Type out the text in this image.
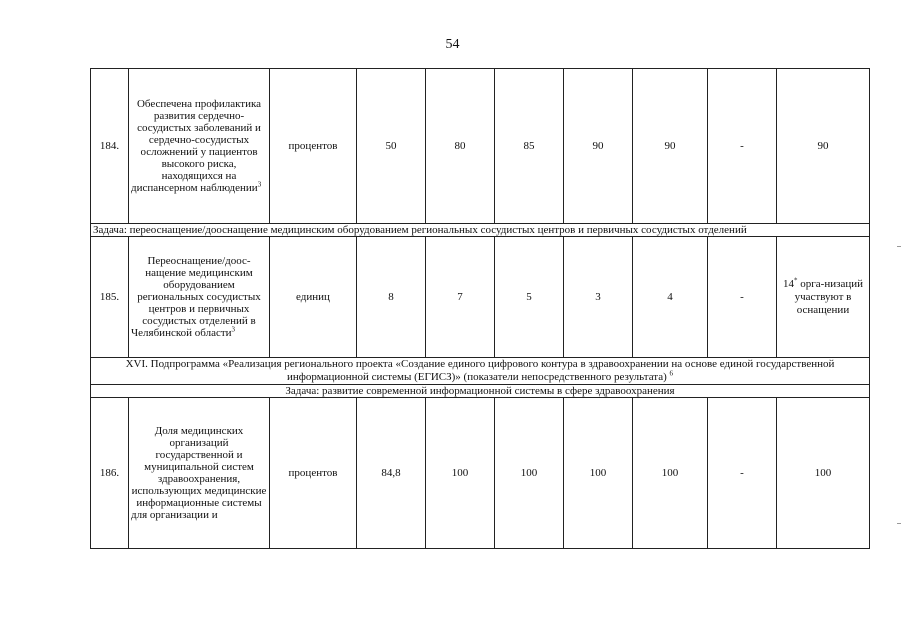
54
184.	Обеспечена профилактика развития сердечно-сосудистых заболеваний и сердечно-сосудистых осложнений у пациентов высокого риска, находящихся на диспансерном наблюдении$^3$	процентов	50	80	85	90	90	-	90
Задача: переоснащение/дооснащение медицинским оборудованием региональных сосудистых центров и первичных сосудистых отделений									
185.	Переоснащение/доос-нащение медицинским оборудованием региональных сосудистых центров и первичных сосудистых отделений в Челябинской области$^3$	единиц	8	7	5	3	4	-	14* орга-низаций участвуют в оснащении
XVI. Подпрограмма «Реализация регионального проекта «Создание единого цифрового контура в здравоохранении на основе единой государственной информационной системы (ЕГИСЗ)» (показатели непосредственного результата) $^6$
Задача: развитие современной информационной системы в сфере здравоохранения									
186.	Доля медицинских организаций государственной и муниципальной систем здравоохранения, использующих медицинские информационные системы для организации и	процентов	84,8	100	100	100	100	-	100
